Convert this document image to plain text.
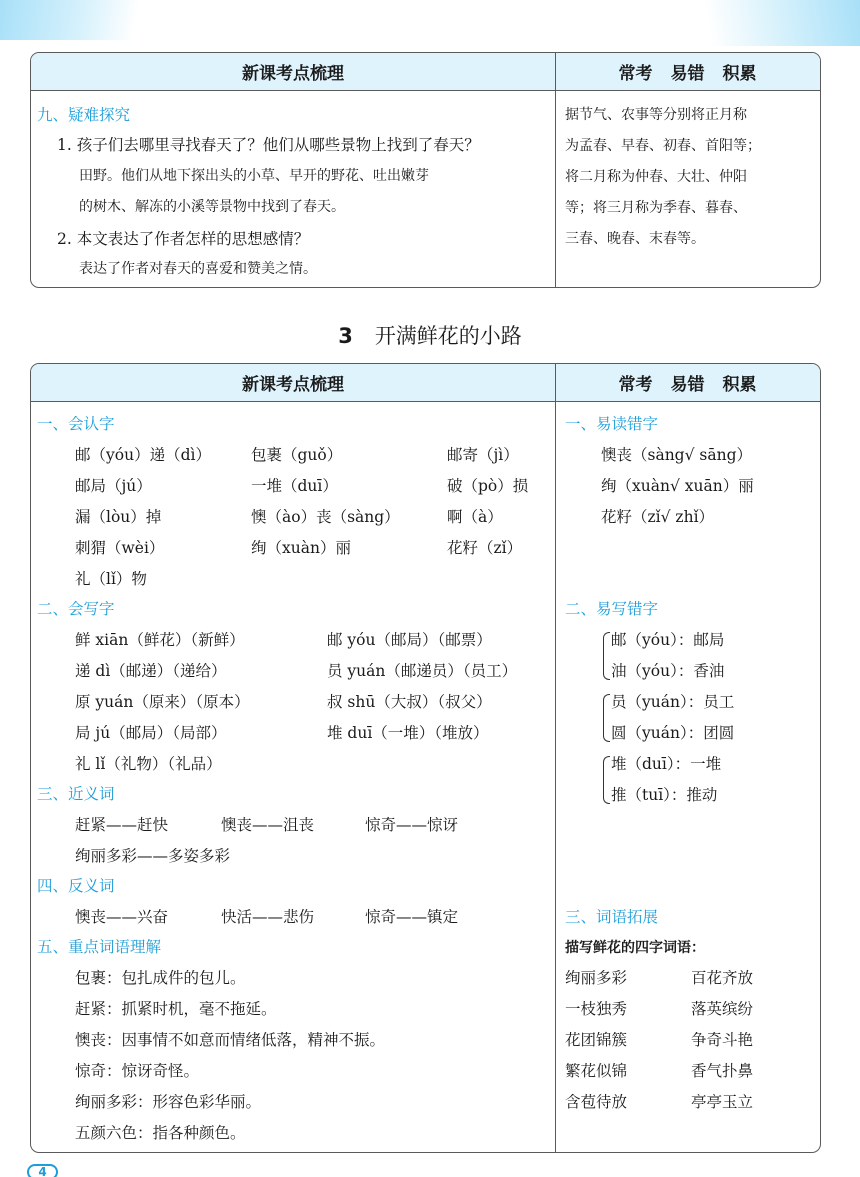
新课考点梳理	常考 易错 积累
九、疑难探究
1. 孩子们去哪里寻找春天了？他们从哪些景物上找到了春天？
田野。他们从地下探出头的小草、早开的野花、吐出嫩芽
的树木、解冻的小溪等景物中找到了春天。
2. 本文表达了作者怎样的思想感情？
表达了作者对春天的喜爱和赞美之情。
据节气、农事等分别将正月称
为孟春、早春、初春、首阳等；
将二月称为仲春、大壮、仲阳
等；将三月称为季春、暮春、
三春、晚春、末春等。
3 开满鲜花的小路
新课考点梳理	常考 易错 积累
一、会认字
邮（yóu）递（dì）	包裹（guǒ）	邮寄（jì）
邮局（jú）	一堆（duī）	破（pò）损
漏（lòu）掉	懊（ào）丧（sàng）	啊（à）
刺猬（wèi）	绚（xuàn）丽	花籽（zǐ）
礼（lǐ）物
二、会写字
鲜 xiān（鲜花）（新鲜）	邮 yóu（邮局）（邮票）
递 dì（邮递）（递给）	员 yuán（邮递员）（员工）
原 yuán（原来）（原本）	叔 shū（大叔）（叔父）
局 jú（邮局）（局部）	堆 duī（一堆）（堆放）
礼 lǐ（礼物）（礼品）
三、近义词
赶紧——赶快	懊丧——沮丧	惊奇——惊讶
绚丽多彩——多姿多彩
四、反义词
懊丧——兴奋	快活——悲伤	惊奇——镇定
五、重点词语理解
包裹：包扎成件的包儿。
赶紧：抓紧时机，毫不拖延。
懊丧：因事情不如意而情绪低落，精神不振。
惊奇：惊讶奇怪。
绚丽多彩：形容色彩华丽。
五颜六色：指各种颜色。
一、易读错字
懊丧（sàng√ sāng）
绚（xuàn√ xuān）丽
花籽（zǐ√ zhǐ）
二、易写错字
邮（yóu）：邮局
油（yóu）：香油
员（yuán）：员工
圆（yuán）：团圆
堆（duī）：一堆
推（tuī）：推动
三、词语拓展
描写鲜花的四字词语：
绚丽多彩	百花齐放
一枝独秀	落英缤纷
花团锦簇	争奇斗艳
繁花似锦	香气扑鼻
含苞待放	亭亭玉立
4
